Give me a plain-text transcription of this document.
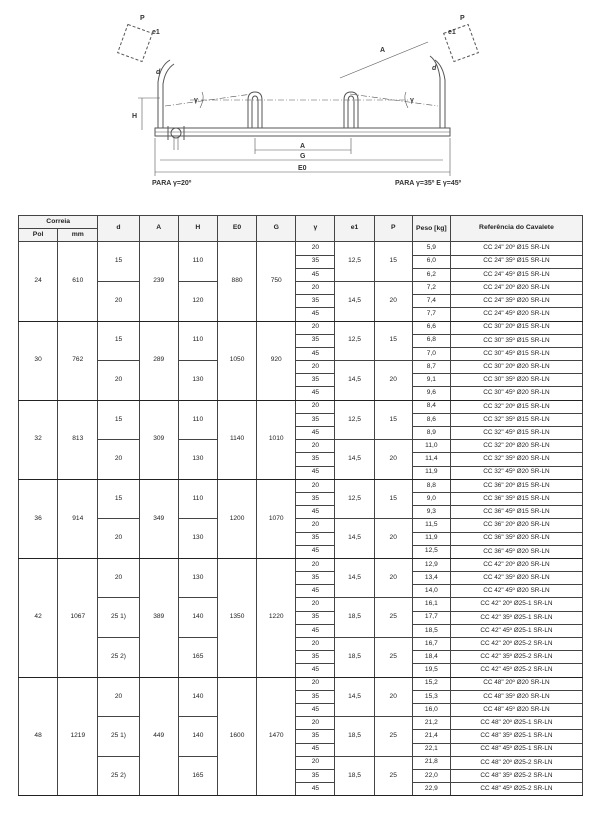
P
e1
d
A
H
γ	γ
P
e1
d
A
G
E0
PARA γ=20º	PARA γ=35º E γ=45º
Correia		d	A	H	E0	G	γ	e1	P	Peso [kg]	Referência do Cavalete
Pol	mm										
24	610	15	239	110	880	750	20	12,5	15	5,9	CC 24" 20º Ø15 SR-LN
							35			6,0	CC 24" 35º Ø15 SR-LN
							45			6,2	CC 24" 45º Ø15 SR-LN
		20		120			20	14,5	20	7,2	CC 24" 20º Ø20 SR-LN
							35			7,4	CC 24" 35º Ø20 SR-LN
							45			7,7	CC 24" 45º Ø20 SR-LN
30	762	15	289	110	1050	920	20	12,5	15	6,6	CC 30" 20º Ø15 SR-LN
							35			6,8	CC 30" 35º Ø15 SR-LN
							45			7,0	CC 30" 45º Ø15 SR-LN
		20		130			20	14,5	20	8,7	CC 30" 20º Ø20 SR-LN
							35			9,1	CC 30" 35º Ø20 SR-LN
							45			9,6	CC 30" 45º Ø20 SR-LN
32	813	15	309	110	1140	1010	20	12,5	15	8,4	CC 32" 20º Ø15 SR-LN
							35			8,6	CC 32" 35º Ø15 SR-LN
							45			8,9	CC 32" 45º Ø15 SR-LN
		20		130			20	14,5	20	11,0	CC 32" 20º Ø20 SR-LN
							35			11,4	CC 32" 35º Ø20 SR-LN
							45			11,9	CC 32" 45º Ø20 SR-LN
36	914	15	349	110	1200	1070	20	12,5	15	8,8	CC 36" 20º Ø15 SR-LN
							35			9,0	CC 36" 35º Ø15 SR-LN
							45			9,3	CC 36" 45º Ø15 SR-LN
		20		130			20	14,5	20	11,5	CC 36" 20º Ø20 SR-LN
							35			11,9	CC 36" 35º Ø20 SR-LN
							45			12,5	CC 36" 45º Ø20 SR-LN
42	1067	20	389	130	1350	1220	20	14,5	20	12,9	CC 42" 20º Ø20 SR-LN
							35			13,4	CC 42" 35º Ø20 SR-LN
							45			14,0	CC 42" 45º Ø20 SR-LN
		25 1)		140			20	18,5	25	16,1	CC 42" 20º Ø25-1 SR-LN
							35			17,7	CC 42" 35º Ø25-1 SR-LN
							45			18,5	CC 42" 45º Ø25-1 SR-LN
		25 2)		165			20	18,5	25	16,7	CC 42" 20º Ø25-2 SR-LN
							35			18,4	CC 42" 35º Ø25-2 SR-LN
							45			19,5	CC 42" 45º Ø25-2 SR-LN
48	1219	20	449	140	1600	1470	20	14,5	20	15,2	CC 48" 20º Ø20 SR-LN
							35			15,3	CC 48" 35º Ø20 SR-LN
							45			16,0	CC 48" 45º Ø20 SR-LN
		25 1)		140			20	18,5	25	21,2	CC 48" 20º Ø25-1 SR-LN
							35			21,4	CC 48" 35º Ø25-1 SR-LN
							45			22,1	CC 48" 45º Ø25-1 SR-LN
		25 2)		165			20	18,5	25	21,8	CC 48" 20º Ø25-2 SR-LN
							35			22,0	CC 48" 35º Ø25-2 SR-LN
							45			22,9	CC 48" 45º Ø25-2 SR-LN
